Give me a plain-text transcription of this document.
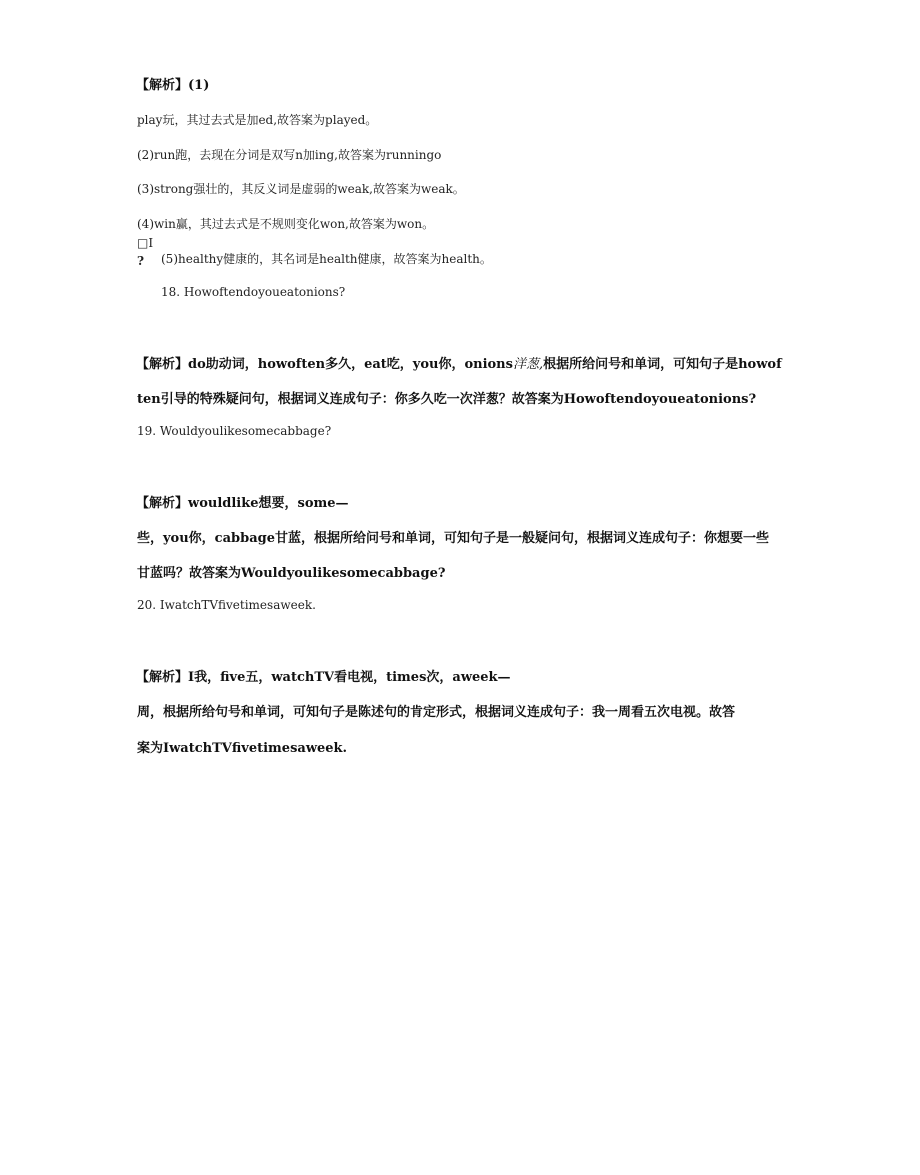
【解析】(1)
play玩，其过去式是加ed,故答案为played。
(2)run跑，去现在分词是双写n加ing,故答案为runningo
(3)strong强壮的，其反义词是虚弱的weak,故答案为weak。
(4)win赢，其过去式是不规则变化won,故答案为won。
□I
? (5)healthy健康的，其名词是health健康，故答案为health。
18. Howoftendoyoueatonions?
【解析】do助动词，howoften多久，eat吃，you你，onions洋葱,根据所给问号和单词，可知句子是howof
ten引导的特殊疑问句，根据词义连成句子：你多久吃一次洋葱？故答案为Howoftendoyoueatonions?
19. Wouldyoulikesomecabbage?
【解析】wouldlike想要，some—
些，you你，cabbage甘蓝，根据所给问号和单词，可知句子是一般疑问句，根据词义连成句子：你想要一些
甘蓝吗？故答案为Wouldyoulikesomecabbage?
20. IwatchTVfivetimesaweek.
【解析】I我，five五，watchTV看电视，times次，aweek—
周，根据所给句号和单词，可知句子是陈述句的肯定形式，根据词义连成句子：我一周看五次电视。故答
案为IwatchTVfivetimesaweek.
